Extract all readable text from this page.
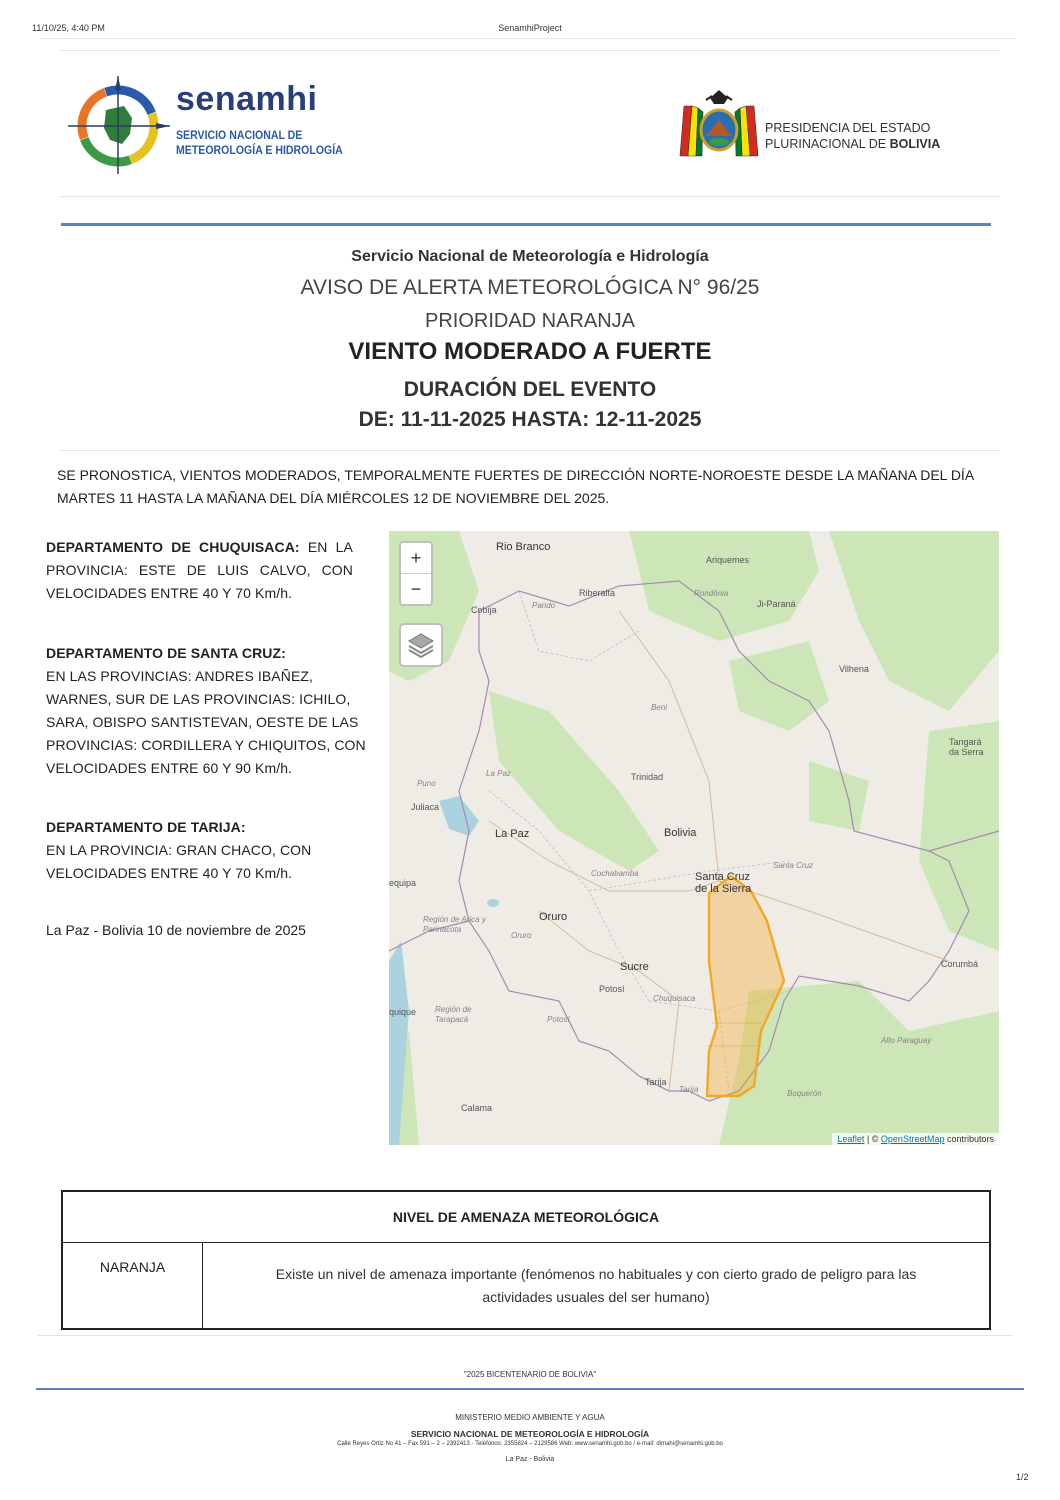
11/10/25, 4:40 PM	SenamhiProject
senamhi
SERVICIO NACIONAL DE
METEOROLOGÍA E HIDROLOGÍA
PRESIDENCIA DEL ESTADO
PLURINACIONAL DE BOLIVIA
Servicio Nacional de Meteorología e Hidrología
AVISO DE ALERTA METEOROLÓGICA N° 96/25
PRIORIDAD NARANJA
VIENTO MODERADO A FUERTE
DURACIÓN DEL EVENTO
DE: 11-11-2025 HASTA: 12-11-2025
SE PRONOSTICA, VIENTOS MODERADOS, TEMPORALMENTE FUERTES DE DIRECCIÓN NORTE-NOROESTE DESDE LA MAÑANA DEL DÍA MARTES 11 HASTA LA MAÑANA DEL DÍA MIÉRCOLES 12 DE NOVIEMBRE DEL 2025.

DEPARTAMENTO DE CHUQUISACA: EN LA PROVINCIA: ESTE DE LUIS CALVO, CON VELOCIDADES ENTRE 40 Y 70 Km/h.

DEPARTAMENTO DE SANTA CRUZ:

EN LAS PROVINCIAS: ANDRES IBAÑEZ, WARNES, SUR DE LAS PROVINCIAS: ICHILO, SARA, OBISPO SANTISTEVAN, OESTE DE LAS PROVINCIAS: CORDILLERA Y CHIQUITOS, CON VELOCIDADES ENTRE 60 Y 90 Km/h.

DEPARTAMENTO DE TARIJA:

EN LA PROVINCIA: GRAN CHACO, CON VELOCIDADES ENTRE 40 Y 70 Km/h.

La Paz - Bolivia 10 de noviembre de 2025
Rio Branco
Ariquemes
Cobija	Pando
Riberalta	Rondônia
Ji-Paraná
Vilhena
Beni
Tangará da Serra
Trinidad
Puno
La Paz
Juliaca
La Paz	Bolivia
Santa Cruz
Cochabamba	Santa Cruz de la Sierra
equipa
Oruro
Oruro
Región de Arica y Parinacota
Sucre	Corumbá
Potosí
Chuquisaca
quique Región de Tarapacá	Potosí
Alto Paraguay
Tarija
Tarija	Boquerón
Calama
+
−
Leaflet | © OpenStreetMap contributors
NIVEL DE AMENAZA METEOROLÓGICA
NARANJA	Existe un nivel de amenaza importante (fenómenos no habituales y con cierto grado de peligro para las actividades usuales del ser humano)
"2025 BICENTENARIO DE BOLIVIA"
MINISTERIO MEDIO AMBIENTE Y AGUA
SERVICIO NACIONAL DE METEOROLOGÍA E HIDROLOGÍA
Calle Reyes Ortiz No 41 – Fax 591 – 2 – 2392413 - Teléfonos: 2355824 – 2129586 Web: www.senamhi.gob.bo / e-mail: dimahi@senamhi.gob.bo
La Paz - Bolivia
1/2
